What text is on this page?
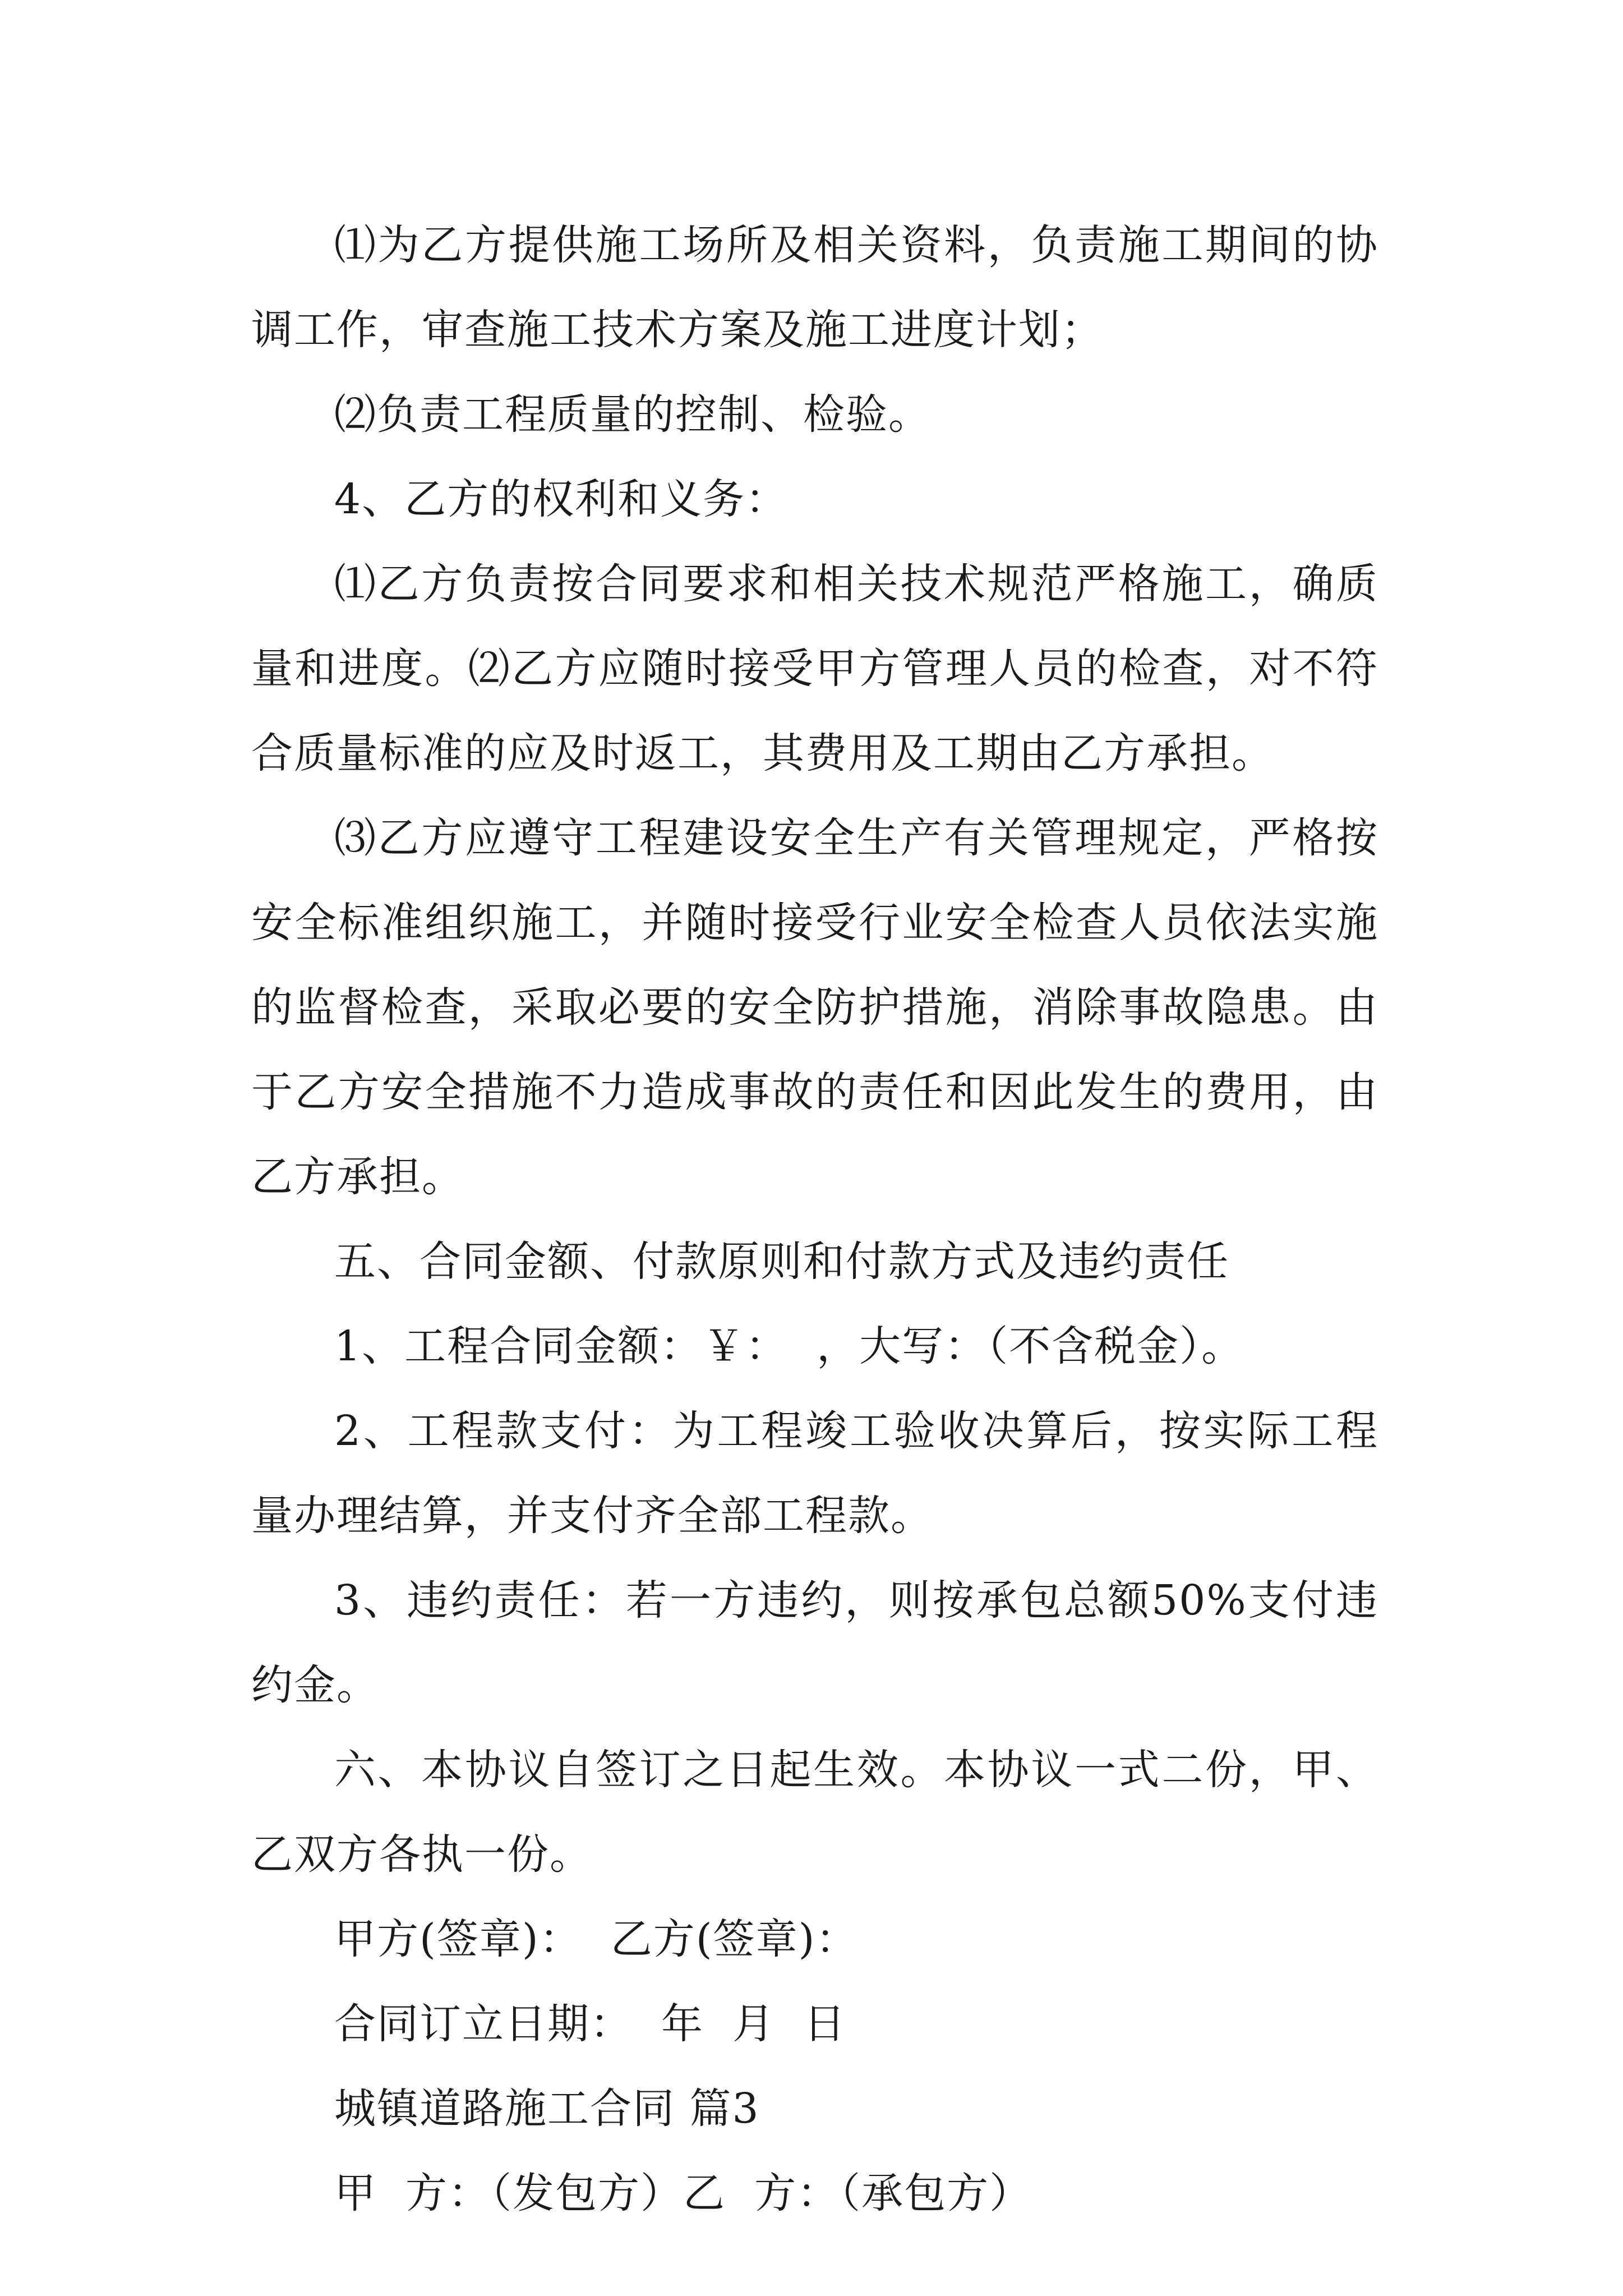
⑴为乙方提供施工场所及相关资料，负责施工期间的协调工作，审查施工技术方案及施工进度计划；

⑵负责工程质量的控制、检验。

4、乙方的权利和义务：

⑴乙方负责按合同要求和相关技术规范严格施工，确质量和进度。⑵乙方应随时接受甲方管理人员的检查，对不符合质量标准的应及时返工，其费用及工期由乙方承担。

⑶乙方应遵守工程建设安全生产有关管理规定，严格按安全标准组织施工，并随时接受行业安全检查人员依法实施的监督检查，采取必要的安全防护措施，消除事故隐患。由于乙方安全措施不力造成事故的责任和因此发生的费用，由乙方承担。

五、合同金额、付款原则和付款方式及违约责任

1、工程合同金额：￥：  ，大写：（不含税金）。

2、工程款支付：为工程竣工验收决算后，按实际工程量办理结算，并支付齐全部工程款。

3、违约责任：若一方违约，则按承包总额50%支付违约金。

六、本协议自签订之日起生效。本协议一式二份，甲、乙双方各执一份。

甲方(签章)：  乙方(签章)：

合同订立日期：  年  月  日

城镇道路施工合同 篇3

甲  方：（发包方）乙  方：（承包方）
